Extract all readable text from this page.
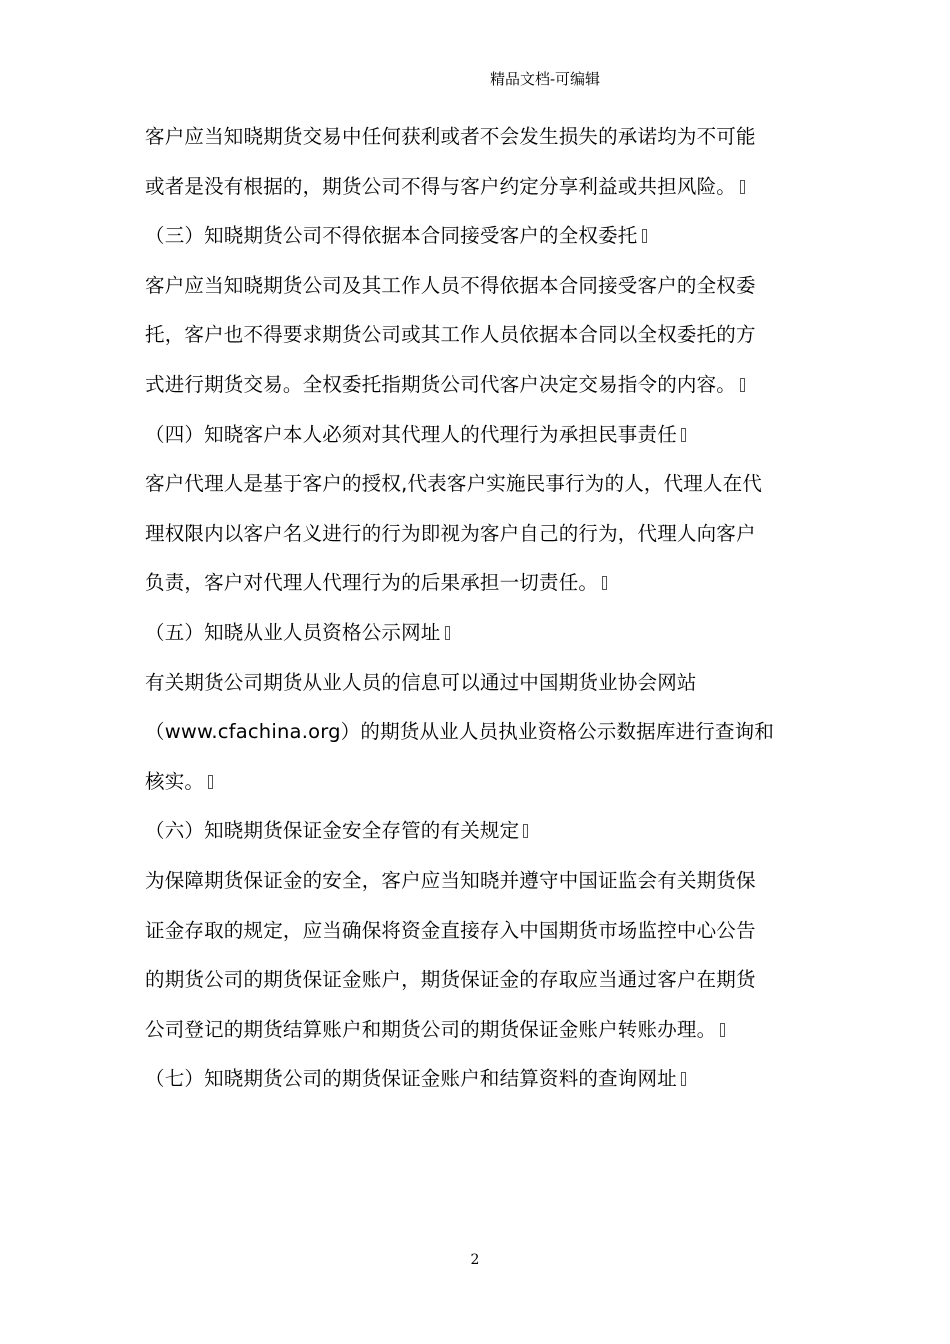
精品文档-可编辑
客户应当知晓期货交易中任何获利或者不会发生损失的承诺均为不可能
或者是没有根据的，期货公司不得与客户约定分享利益或共担风险。
（三）知晓期货公司不得依据本合同接受客户的全权委托
客户应当知晓期货公司及其工作人员不得依据本合同接受客户的全权委
托，客户也不得要求期货公司或其工作人员依据本合同以全权委托的方
式进行期货交易。全权委托指期货公司代客户决定交易指令的内容。
（四）知晓客户本人必须对其代理人的代理行为承担民事责任
客户代理人是基于客户的授权,代表客户实施民事行为的人，代理人在代
理权限内以客户名义进行的行为即视为客户自己的行为，代理人向客户
负责，客户对代理人代理行为的后果承担一切责任。
（五）知晓从业人员资格公示网址
有关期货公司期货从业人员的信息可以通过中国期货业协会网站
（www.cfachina.org）的期货从业人员执业资格公示数据库进行查询和
核实。
（六）知晓期货保证金安全存管的有关规定
为保障期货保证金的安全，客户应当知晓并遵守中国证监会有关期货保
证金存取的规定，应当确保将资金直接存入中国期货市场监控中心公告
的期货公司的期货保证金账户，期货保证金的存取应当通过客户在期货
公司登记的期货结算账户和期货公司的期货保证金账户转账办理。
（七）知晓期货公司的期货保证金账户和结算资料的查询网址
2
